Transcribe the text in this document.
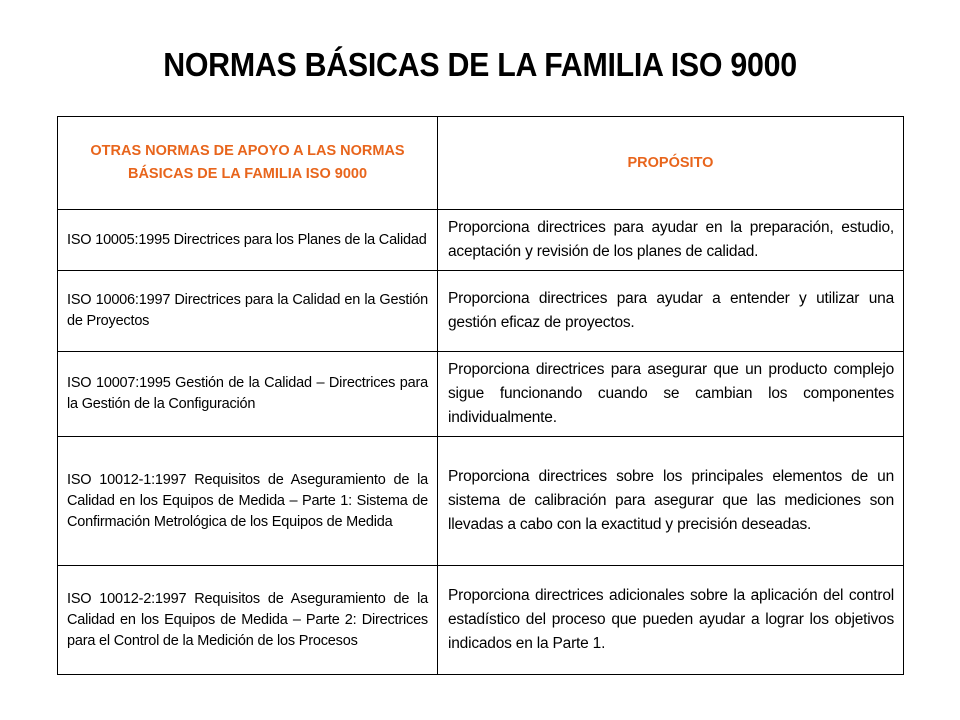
NORMAS BÁSICAS DE LA FAMILIA ISO 9000
OTRAS NORMAS DE APOYO A LAS NORMAS BÁSICAS DE LA FAMILIA ISO 9000	PROPÓSITO
ISO 10005:1995 Directrices para los Planes de la Calidad	Proporciona directrices para ayudar en la preparación, estudio, aceptación y revisión de los planes de calidad.
ISO 10006:1997 Directrices para la Calidad en la Gestión de Proyectos	Proporciona directrices para ayudar a entender y utilizar una gestión eficaz de proyectos.
ISO 10007:1995 Gestión de la Calidad – Directrices para la Gestión de la Configuración	Proporciona directrices para asegurar que un producto complejo sigue funcionando cuando se cambian los componentes individualmente.
ISO 10012-1:1997 Requisitos de Aseguramiento de la Calidad en los Equipos de Medida – Parte 1: Sistema de Confirmación Metrológica de los Equipos de Medida	Proporciona directrices sobre los principales elementos de un sistema de calibración para asegurar que las mediciones son llevadas a cabo con la exactitud y precisión deseadas.
ISO 10012-2:1997 Requisitos de Aseguramiento de la Calidad en los Equipos de Medida – Parte 2: Directrices para el Control de la Medición de los Procesos	Proporciona directrices adicionales sobre la aplicación del control estadístico del proceso que pueden ayudar a lograr los objetivos indicados en la Parte 1.
